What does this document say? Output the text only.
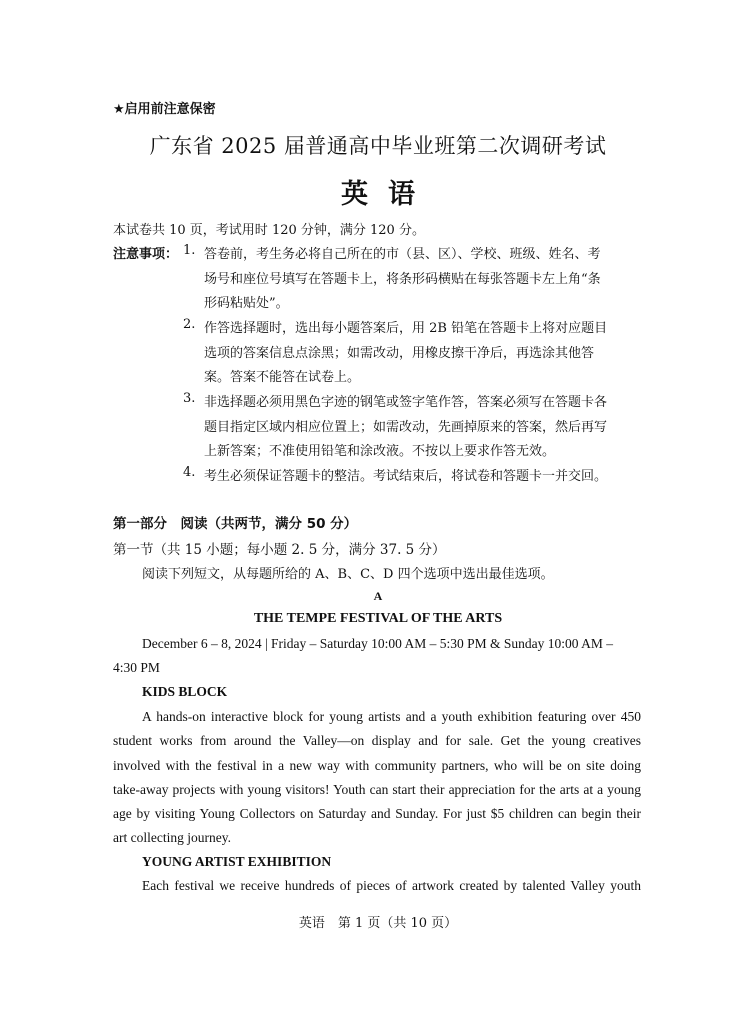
★启用前注意保密

广东省 2025 届普通高中毕业班第二次调研考试
英语

本试卷共 10 页，考试用时 120 分钟，满分 120 分。

注意事项： 1. 答卷前，考生务必将自己所在的市（县、区）、学校、班级、姓名、考
场号和座位号填写在答题卡上，将条形码横贴在每张答题卡左上角“条
形码粘贴处”。
2. 作答选择题时，选出每小题答案后，用 2B 铅笔在答题卡上将对应题目
选项的答案信息点涂黑；如需改动，用橡皮擦干净后，再选涂其他答
案。答案不能答在试卷上。
3. 非选择题必须用黑色字迹的钢笔或签字笔作答，答案必须写在答题卡各
题目指定区域内相应位置上；如需改动，先画掉原来的答案，然后再写
上新答案；不准使用铅笔和涂改液。不按以上要求作答无效。
4. 考生必须保证答题卡的整洁。考试结束后，将试卷和答题卡一并交回。

第一部分　阅读（共两节，满分 50 分）

第一节（共 15 小题；每小题 2. 5 分，满分 37. 5 分）

阅读下列短文，从每题所给的 A、B、C、D 四个选项中选出最佳选项。

A

THE TEMPE FESTIVAL OF THE ARTS

December 6 – 8, 2024 | Friday – Saturday 10:00 AM – 5:30 PM & Sunday 10:00 AM –
4:30 PM
KIDS BLOCK
A hands-on interactive block for young artists and a youth exhibition featuring over 450
student works from around the Valley—on display and for sale. Get the young creatives
involved with the festival in a new way with community partners, who will be on site doing
take-away projects with young visitors! Youth can start their appreciation for the arts at a young
age by visiting Young Collectors on Saturday and Sunday. For just $5 children can begin their
art collecting journey.
YOUNG ARTIST EXHIBITION
Each festival we receive hundreds of pieces of artwork created by talented Valley youth

英语　第 1 页（共 10 页）
